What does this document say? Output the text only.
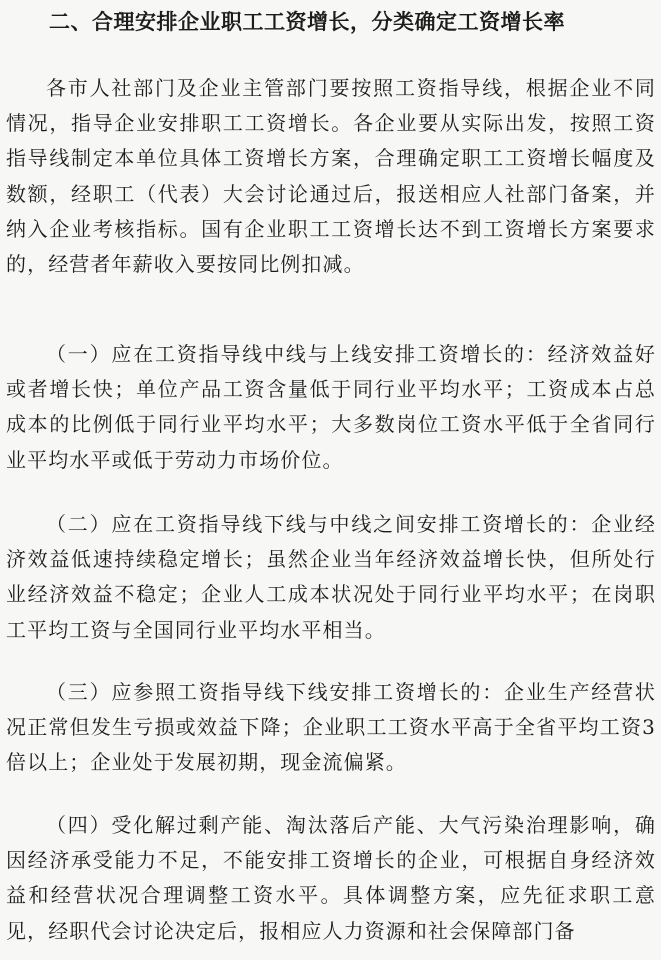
二、合理安排企业职工工资增长，分类确定工资增长率

各市人社部门及企业主管部门要按照工资指导线，根据企业不同情况，指导企业安排职工工资增长。各企业要从实际出发，按照工资指导线制定本单位具体工资增长方案，合理确定职工工资增长幅度及数额，经职工（代表）大会讨论通过后，报送相应人社部门备案，并纳入企业考核指标。国有企业职工工资增长达不到工资增长方案要求的，经营者年薪收入要按同比例扣减。

（一）应在工资指导线中线与上线安排工资增长的：经济效益好或者增长快；单位产品工资含量低于同行业平均水平；工资成本占总成本的比例低于同行业平均水平；大多数岗位工资水平低于全省同行业平均水平或低于劳动力市场价位。

（二）应在工资指导线下线与中线之间安排工资增长的：企业经济效益低速持续稳定增长；虽然企业当年经济效益增长快，但所处行业经济效益不稳定；企业人工成本状况处于同行业平均水平；在岗职工平均工资与全国同行业平均水平相当。

（三）应参照工资指导线下线安排工资增长的：企业生产经营状况正常但发生亏损或效益下降；企业职工工资水平高于全省平均工资3倍以上；企业处于发展初期，现金流偏紧。

（四）受化解过剩产能、淘汰落后产能、大气污染治理影响，确因经济承受能力不足，不能安排工资增长的企业，可根据自身经济效益和经营状况合理调整工资水平。具体调整方案，应先征求职工意见，经职代会讨论决定后，报相应人力资源和社会保障部门备
